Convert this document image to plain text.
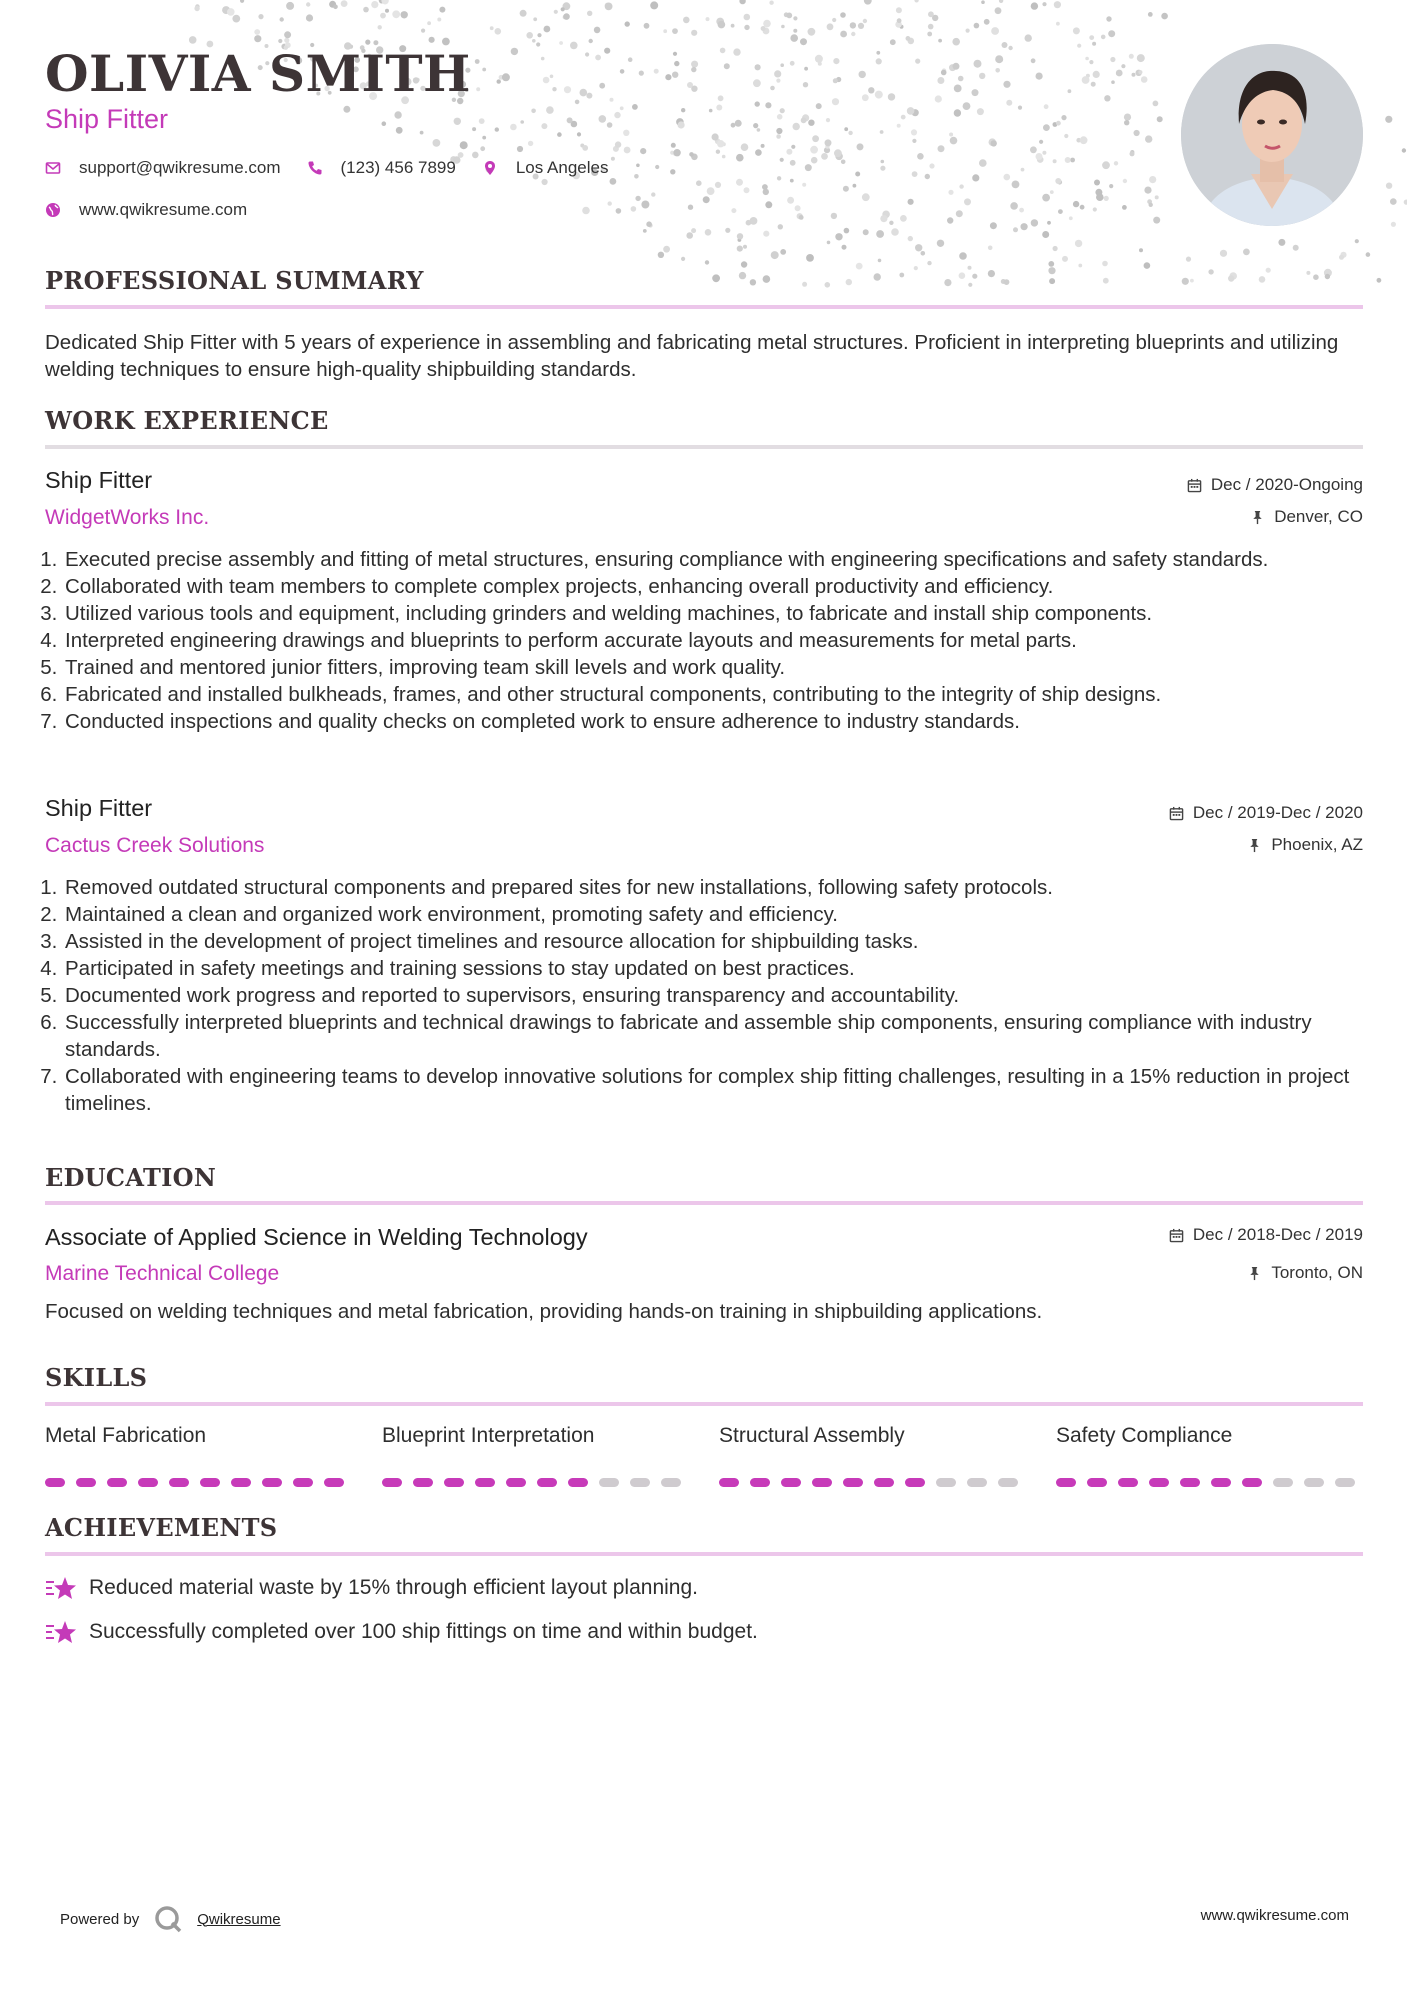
OLIVIA SMITH
Ship Fitter
support@qwikresume.com	(123) 456 7899	Los Angeles
www.qwikresume.com
PROFESSIONAL SUMMARY
Dedicated Ship Fitter with 5 years of experience in assembling and fabricating metal structures. Proficient in interpreting blueprints and utilizing welding techniques to ensure high-quality shipbuilding standards.
WORK EXPERIENCE
Ship Fitter	Dec / 2020-Ongoing
WidgetWorks Inc.	Denver, CO
1. Executed precise assembly and fitting of metal structures, ensuring compliance with engineering specifications and safety standards.
2. Collaborated with team members to complete complex projects, enhancing overall productivity and efficiency.
3. Utilized various tools and equipment, including grinders and welding machines, to fabricate and install ship components.
4. Interpreted engineering drawings and blueprints to perform accurate layouts and measurements for metal parts.
5. Trained and mentored junior fitters, improving team skill levels and work quality.
6. Fabricated and installed bulkheads, frames, and other structural components, contributing to the integrity of ship designs.
7. Conducted inspections and quality checks on completed work to ensure adherence to industry standards.
Ship Fitter	Dec / 2019-Dec / 2020
Cactus Creek Solutions	Phoenix, AZ
1. Removed outdated structural components and prepared sites for new installations, following safety protocols.
2. Maintained a clean and organized work environment, promoting safety and efficiency.
3. Assisted in the development of project timelines and resource allocation for shipbuilding tasks.
4. Participated in safety meetings and training sessions to stay updated on best practices.
5. Documented work progress and reported to supervisors, ensuring transparency and accountability.
6. Successfully interpreted blueprints and technical drawings to fabricate and assemble ship components, ensuring compliance with industry standards.
7. Collaborated with engineering teams to develop innovative solutions for complex ship fitting challenges, resulting in a 15% reduction in project timelines.
EDUCATION
Associate of Applied Science in Welding Technology	Dec / 2018-Dec / 2019
Marine Technical College	Toronto, ON
Focused on welding techniques and metal fabrication, providing hands-on training in shipbuilding applications.
SKILLS
Metal Fabrication	Blueprint Interpretation	Structural Assembly	Safety Compliance
ACHIEVEMENTS
Reduced material waste by 15% through efficient layout planning.
Successfully completed over 100 ship fittings on time and within budget.
Powered by	Qwikresume	www.qwikresume.com
